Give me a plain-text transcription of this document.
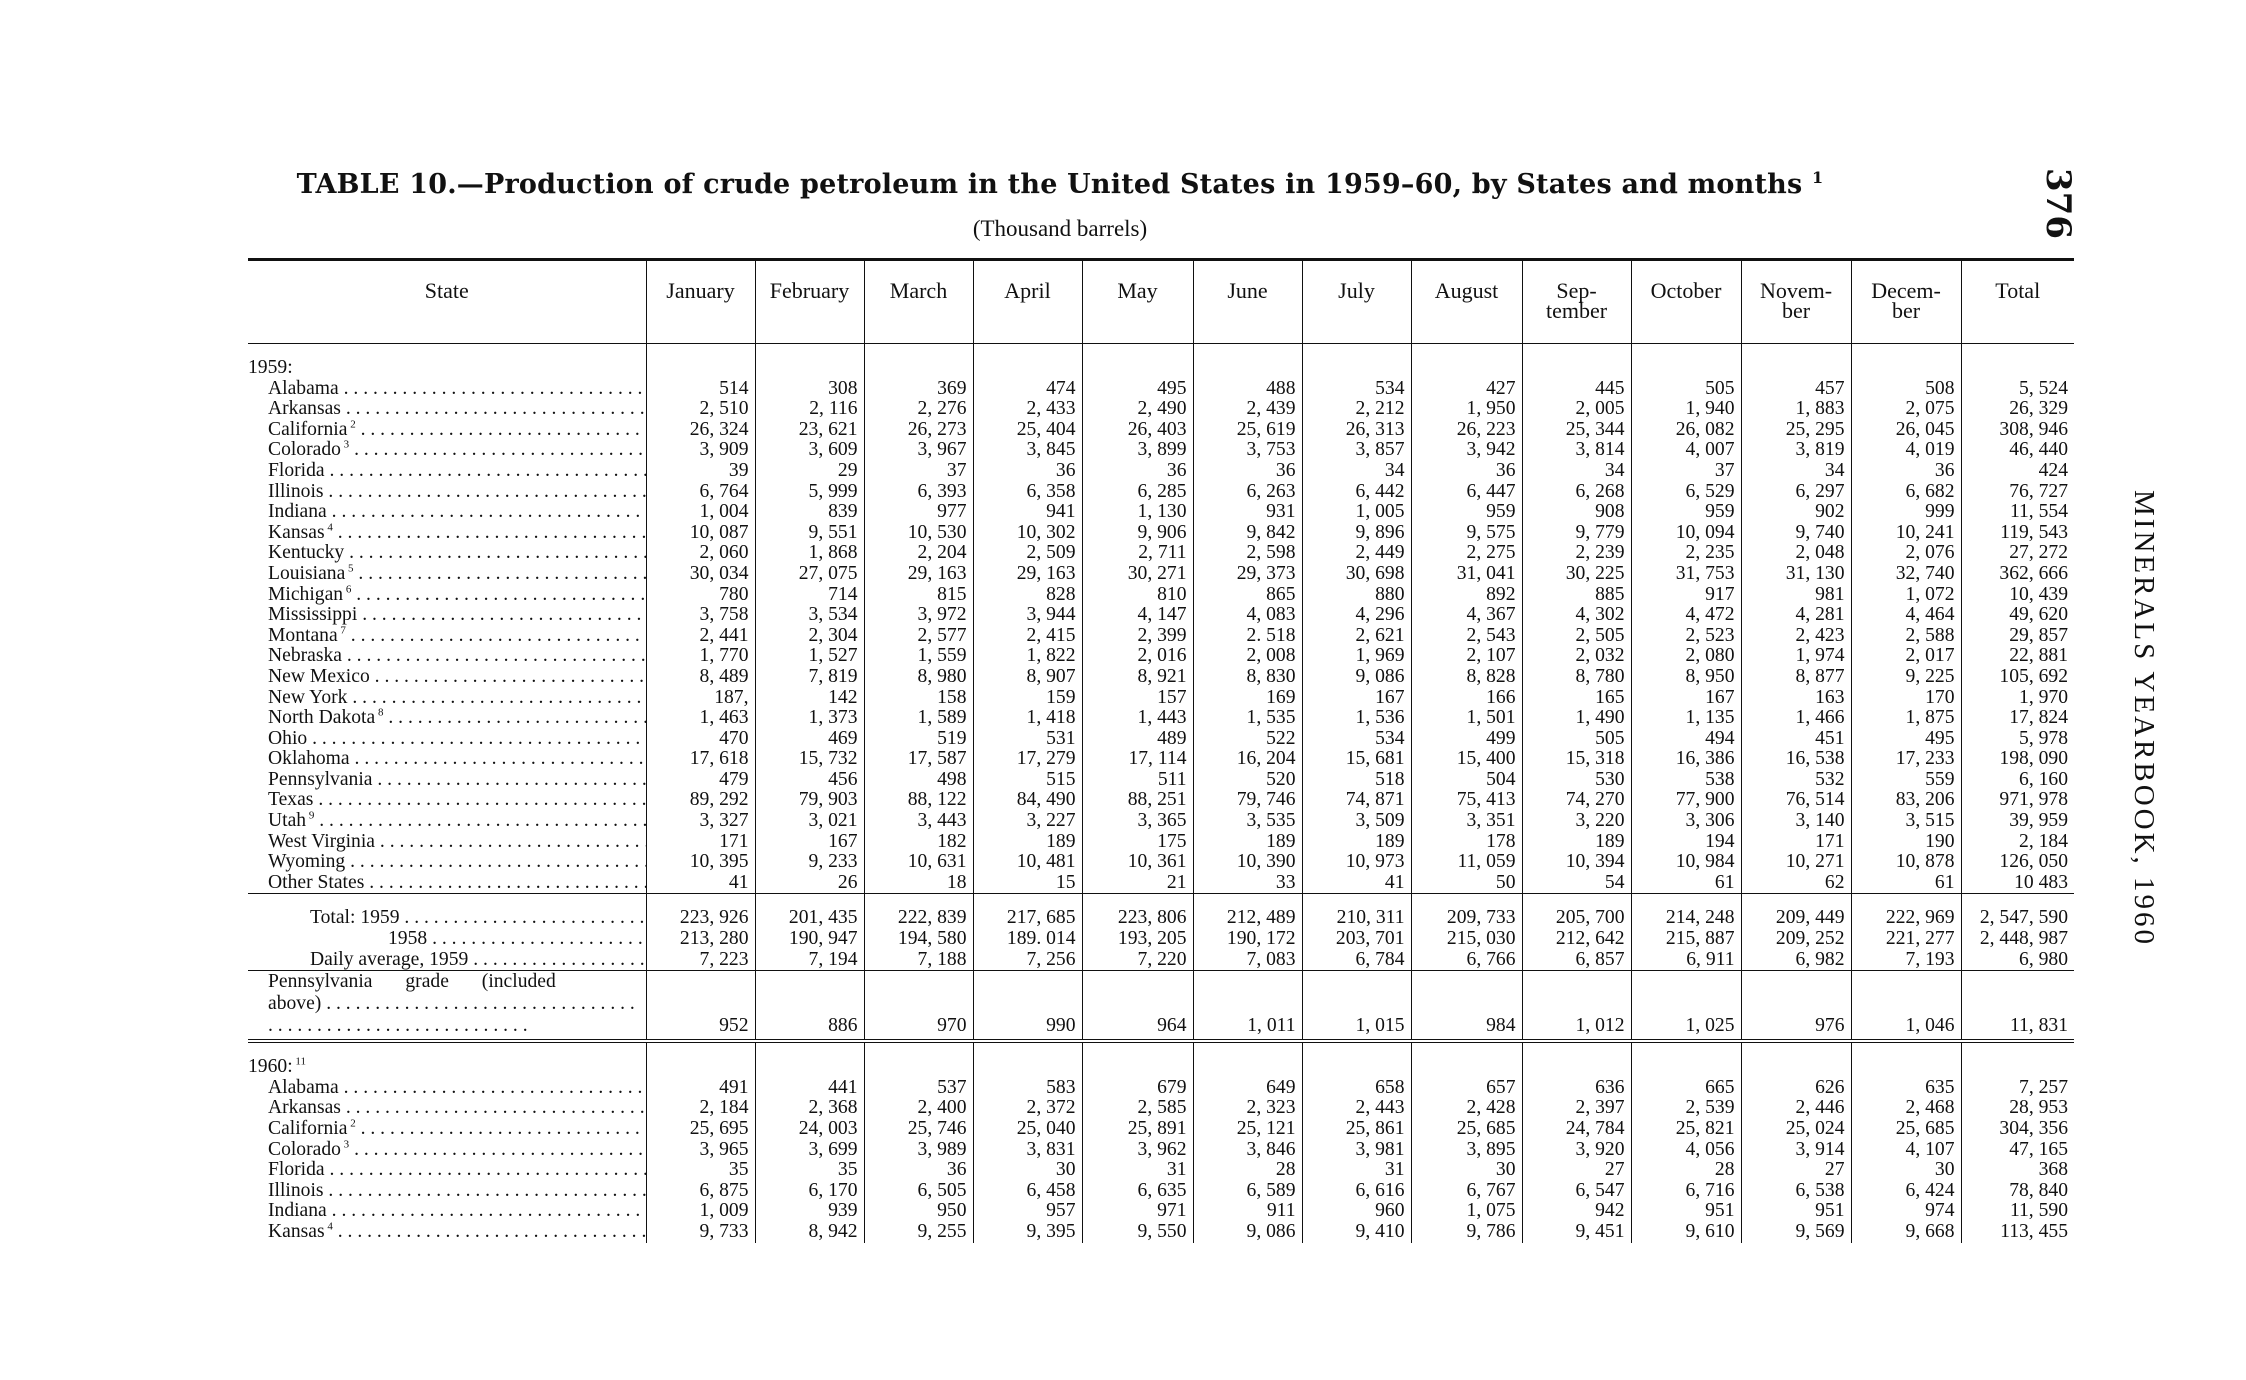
TABLE 10.—Production of crude petroleum in the United States in 1959–60, by States and months $^1$
(Thousand barrels)	376
MINERALS YEARBOOK, 1960
State	January	February	March	April	May	June	July	August	Sep-
tember	October	Novem-
ber	Decem-
ber	Total

1959:													
Alabama . . .	514	308	369	474	495	488	534	427	445	505	457	508	5, 524
Arkansas . . .	2, 510	2, 116	2, 276	2, 433	2, 490	2, 439	2, 212	1, 950	2, 005	1, 940	1, 883	2, 075	26, 329
California $^2$ . . .	26, 324	23, 621	26, 273	25, 404	26, 403	25, 619	26, 313	26, 223	25, 344	26, 082	25, 295	26, 045	308, 946
Colorado $^3$ . . .	3, 909	3, 609	3, 967	3, 845	3, 899	3, 753	3, 857	3, 942	3, 814	4, 007	3, 819	4, 019	46, 440
Florida . . .	39	29	37	36	36	36	34	36	34	37	34	36	424
Illinois . . .	6, 764	5, 999	6, 393	6, 358	6, 285	6, 263	6, 442	6, 447	6, 268	6, 529	6, 297	6, 682	76, 727
Indiana . . .	1, 004	839	977	941	1, 130	931	1, 005	959	908	959	902	999	11, 554
Kansas $^4$ . . .	10, 087	9, 551	10, 530	10, 302	9, 906	9, 842	9, 896	9, 575	9, 779	10, 094	9, 740	10, 241	119, 543
Kentucky . . .	2, 060	1, 868	2, 204	2, 509	2, 711	2, 598	2, 449	2, 275	2, 239	2, 235	2, 048	2, 076	27, 272
Louisiana $^5$ . . .	30, 034	27, 075	29, 163	29, 163	30, 271	29, 373	30, 698	31, 041	30, 225	31, 753	31, 130	32, 740	362, 666
Michigan $^6$ . . .	780	714	815	828	810	865	880	892	885	917	981	1, 072	10, 439
Mississippi . . .	3, 758	3, 534	3, 972	3, 944	4, 147	4, 083	4, 296	4, 367	4, 302	4, 472	4, 281	4, 464	49, 620
Montana $^7$ . . .	2, 441	2, 304	2, 577	2, 415	2, 399	2. 518	2, 621	2, 543	2, 505	2, 523	2, 423	2, 588	29, 857
Nebraska . . .	1, 770	1, 527	1, 559	1, 822	2, 016	2, 008	1, 969	2, 107	2, 032	2, 080	1, 974	2, 017	22, 881
New Mexico . . .	8, 489	7, 819	8, 980	8, 907	8, 921	8, 830	9, 086	8, 828	8, 780	8, 950	8, 877	9, 225	105, 692
New York . . .	187,	142	158	159	157	169	167	166	165	167	163	170	1, 970
North Dakota $^8$ . . .	1, 463	1, 373	1, 589	1, 418	1, 443	1, 535	1, 536	1, 501	1, 490	1, 135	1, 466	1, 875	17, 824
Ohio . . .	470	469	519	531	489	522	534	499	505	494	451	495	5, 978
Oklahoma . . .	17, 618	15, 732	17, 587	17, 279	17, 114	16, 204	15, 681	15, 400	15, 318	16, 386	16, 538	17, 233	198, 090
Pennsylvania . . .	479	456	498	515	511	520	518	504	530	538	532	559	6, 160
Texas . . .	89, 292	79, 903	88, 122	84, 490	88, 251	79, 746	74, 871	75, 413	74, 270	77, 900	76, 514	83, 206	971, 978
Utah $^9$ . . .	3, 327	3, 021	3, 443	3, 227	3, 365	3, 535	3, 509	3, 351	3, 220	3, 306	3, 140	3, 515	39, 959
West Virginia . . .	171	167	182	189	175	189	189	178	189	194	171	190	2, 184
Wyoming . . .	10, 395	9, 233	10, 631	10, 481	10, 361	10, 390	10, 973	11, 059	10, 394	10, 984	10, 271	10, 878	126, 050
Other States . . .	41	26	18	15	21	33	41	50	54	61	62	61	10 483

Total: 1959 . . .	223, 926	201, 435	222, 839	217, 685	223, 806	212, 489	210, 311	209, 733	205, 700	214, 248	209, 449	222, 969	2, 547, 590
1958 . . .	213, 280	190, 947	194, 580	189. 014	193, 205	190, 172	203, 701	215, 030	212, 642	215, 887	209, 252	221, 277	2, 448, 987
Daily average, 1959 . . .	7, 223	7, 194	7, 188	7, 256	7, 220	7, 083	6, 784	6, 766	6, 857	6, 911	6, 982	7, 193	6, 980
Pennsylvania grade (included
above) . . .	952	886	970	990	964	1, 011	1, 015	984	1, 012	1, 025	976	1, 046	11, 831

1960: $^{11}$													
Alabama . . .	491	441	537	583	679	649	658	657	636	665	626	635	7, 257
Arkansas . . .	2, 184	2, 368	2, 400	2, 372	2, 585	2, 323	2, 443	2, 428	2, 397	2, 539	2, 446	2, 468	28, 953
California $^2$ . . .	25, 695	24, 003	25, 746	25, 040	25, 891	25, 121	25, 861	25, 685	24, 784	25, 821	25, 024	25, 685	304, 356
Colorado $^3$ . . .	3, 965	3, 699	3, 989	3, 831	3, 962	3, 846	3, 981	3, 895	3, 920	4, 056	3, 914	4, 107	47, 165
Florida . . .	35	35	36	30	31	28	31	30	27	28	27	30	368
Illinois . . .	6, 875	6, 170	6, 505	6, 458	6, 635	6, 589	6, 616	6, 767	6, 547	6, 716	6, 538	6, 424	78, 840
Indiana . . .	1, 009	939	950	957	971	911	960	1, 075	942	951	951	974	11, 590
Kansas $^4$ . . .	9, 733	8, 942	9, 255	9, 395	9, 550	9, 086	9, 410	9, 786	9, 451	9, 610	9, 569	9, 668	113, 455
